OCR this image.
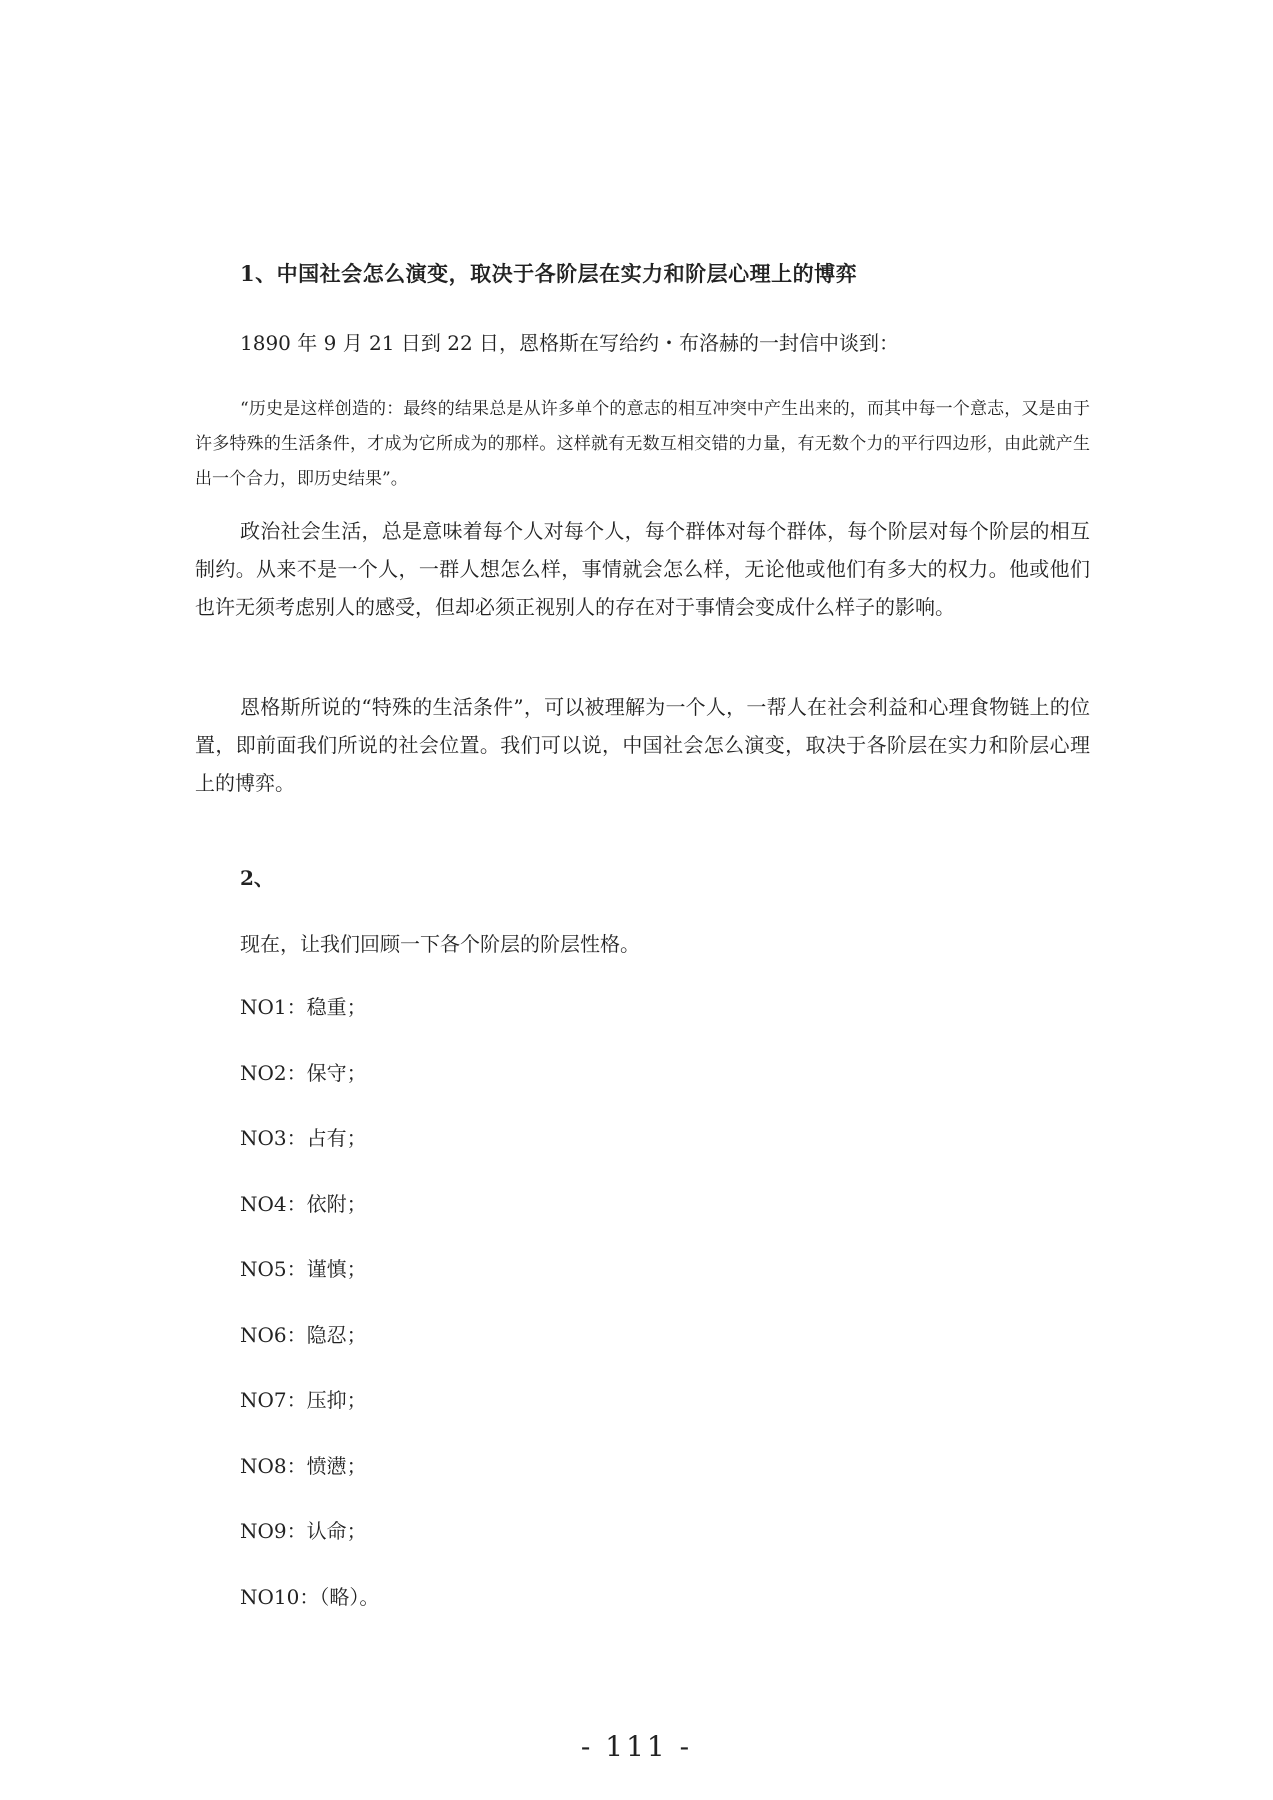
1、中国社会怎么演变，取决于各阶层在实力和阶层心理上的博弈
1890 年 9 月 21 日到 22 日，恩格斯在写给约・布洛赫的一封信中谈到：
“历史是这样创造的：最终的结果总是从许多单个的意志的相互冲突中产生出来的，而其中每一个意志，又是由于许多特殊的生活条件，才成为它所成为的那样。这样就有无数互相交错的力量，有无数个力的平行四边形，由此就产生出一个合力，即历史结果”。
政治社会生活，总是意味着每个人对每个人，每个群体对每个群体，每个阶层对每个阶层的相互制约。从来不是一个人，一群人想怎么样，事情就会怎么样，无论他或他们有多大的权力。他或他们也许无须考虑别人的感受，但却必须正视别人的存在对于事情会变成什么样子的影响。
恩格斯所说的“特殊的生活条件”，可以被理解为一个人，一帮人在社会利益和心理食物链上的位置，即前面我们所说的社会位置。我们可以说，中国社会怎么演变，取决于各阶层在实力和阶层心理上的博弈。
2、
现在，让我们回顾一下各个阶层的阶层性格。
NO1：稳重；
NO2：保守；
NO3：占有；
NO4：依附；
NO5：谨慎；
NO6：隐忍；
NO7：压抑；
NO8：愤懑；
NO9：认命；
NO10：（略）。
- 111 -
